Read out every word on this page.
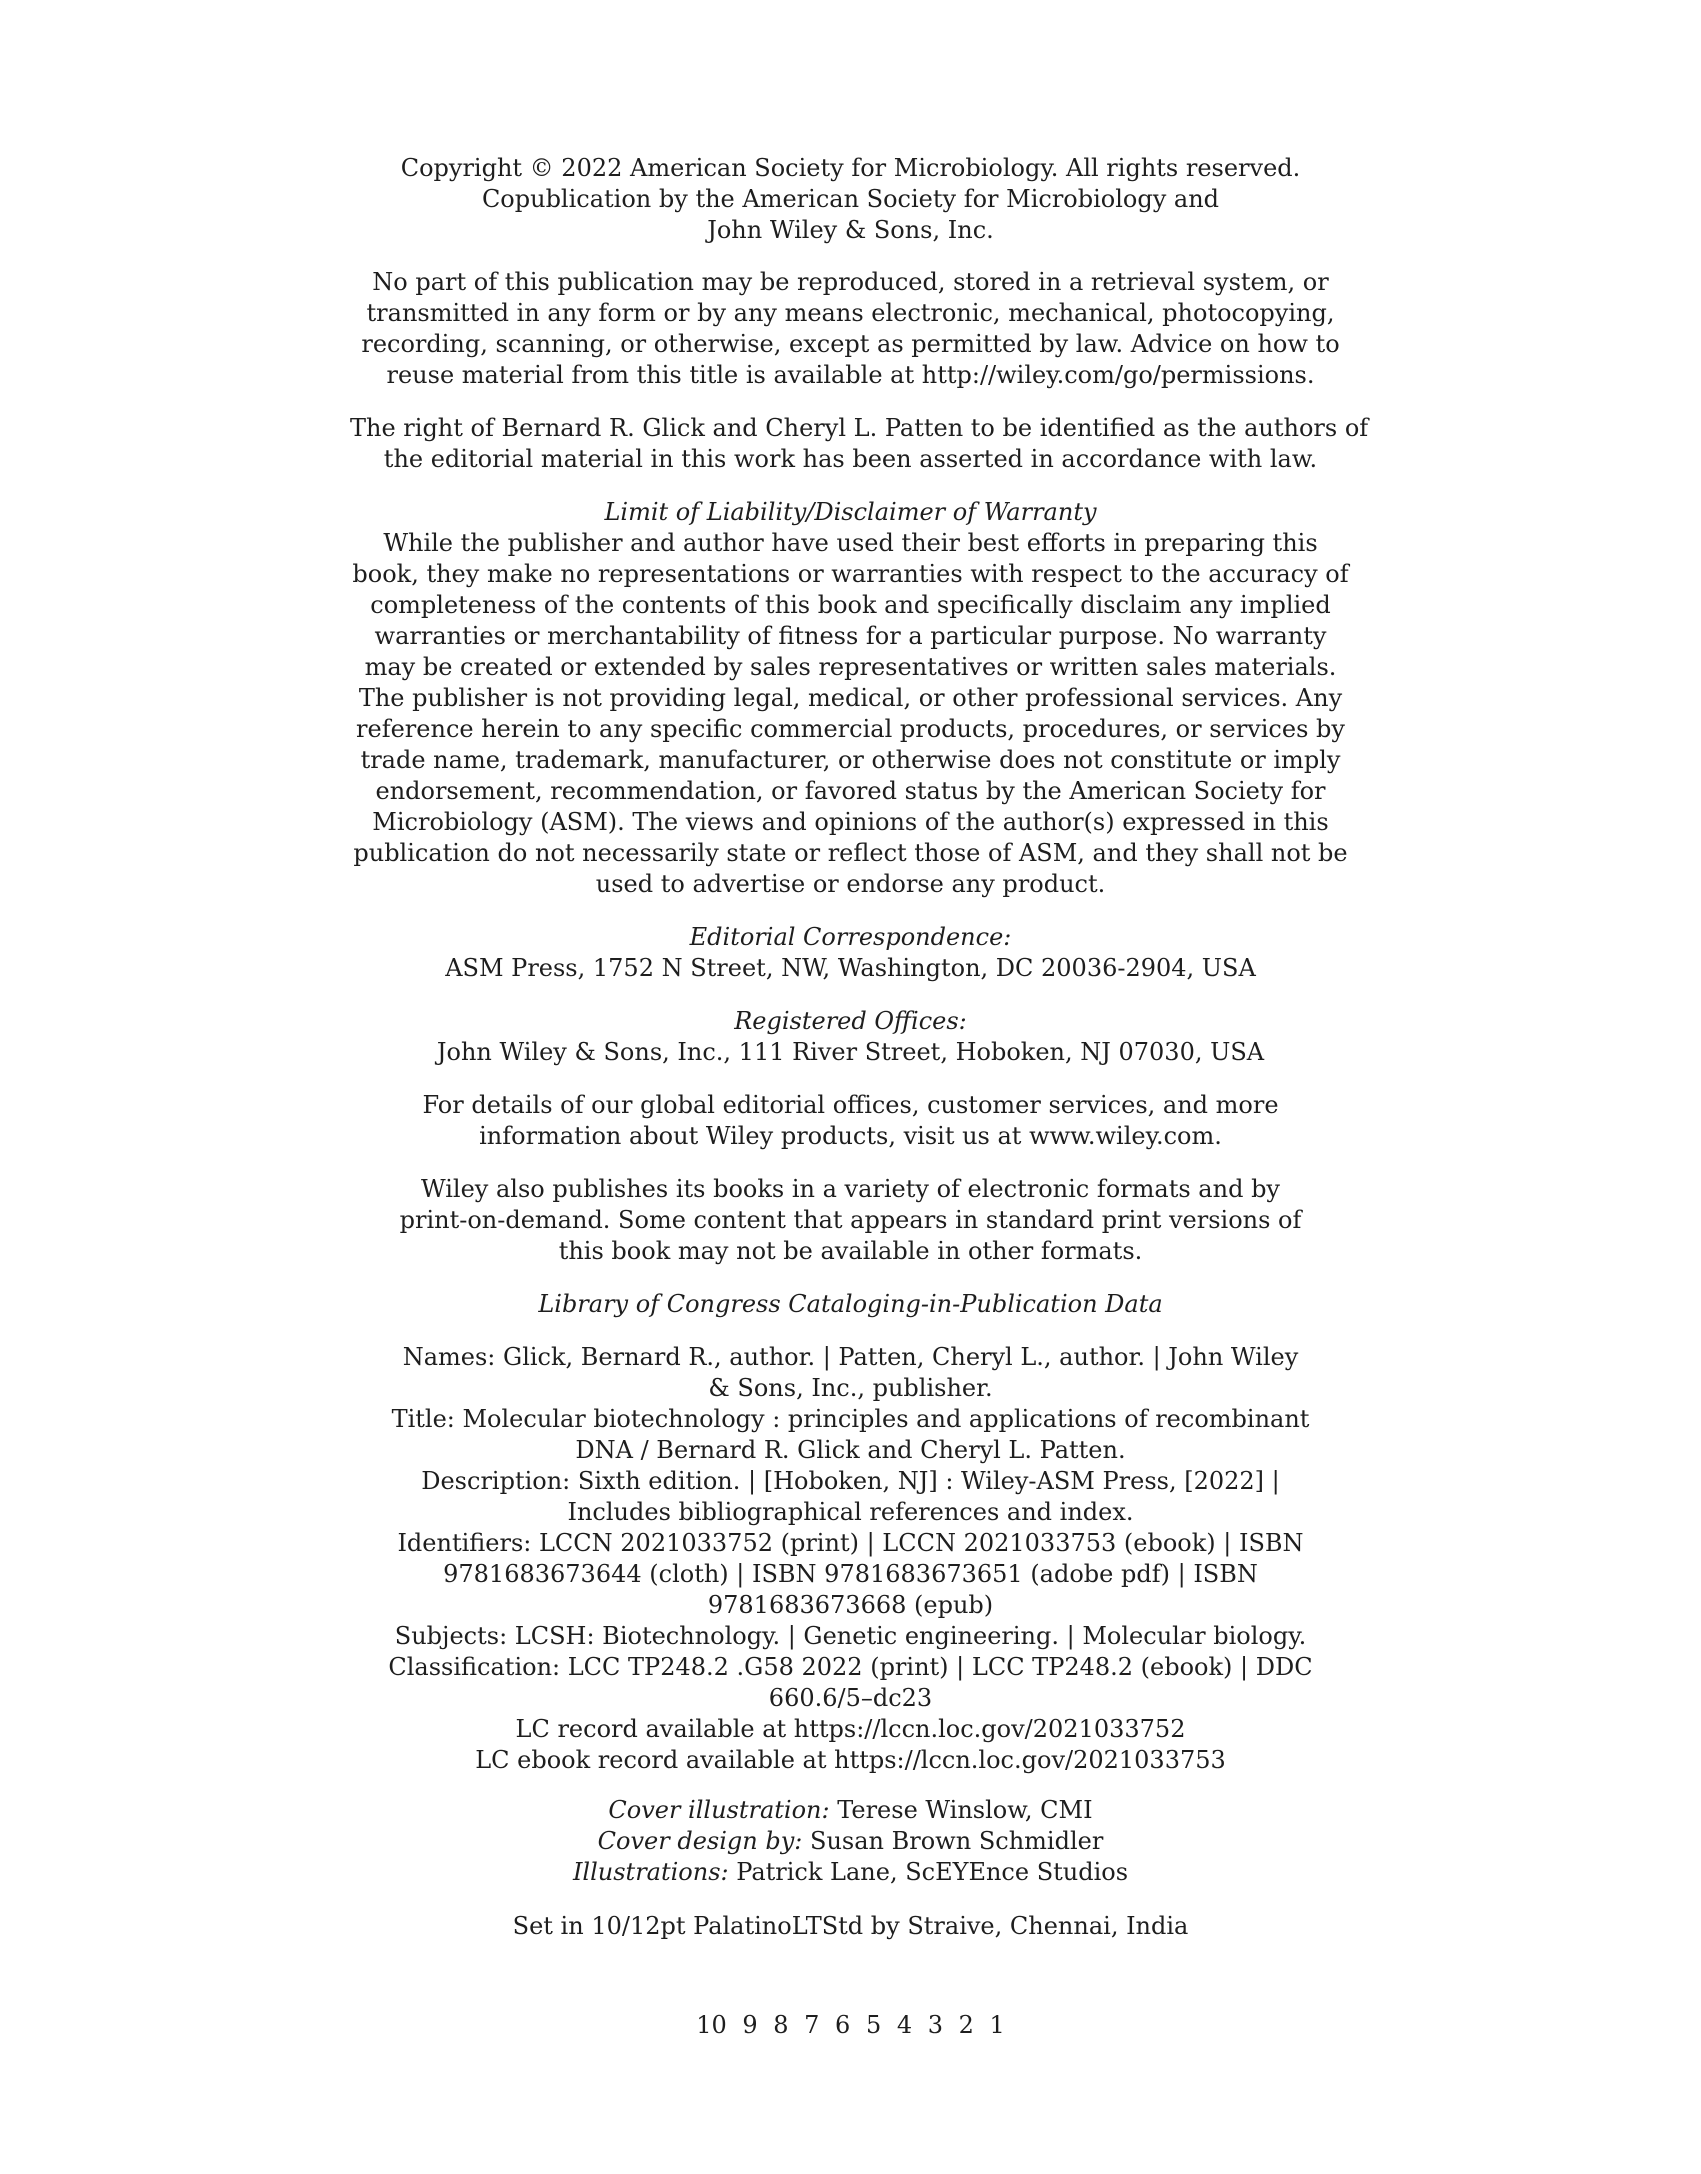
Copyright © 2022 American Society for Microbiology. All rights reserved.

Copublication by the American Society for Microbiology and

John Wiley & Sons, Inc.

No part of this publication may be reproduced, stored in a retrieval system, or

transmitted in any form or by any means electronic, mechanical, photocopying,

recording, scanning, or otherwise, except as permitted by law. Advice on how to

reuse material from this title is available at http://wiley.com/go/permissions.

The right of Bernard R. Glick and Cheryl L. Patten to be identified as the authors of

the editorial material in this work has been asserted in accordance with law.

Limit of Liability/Disclaimer of Warranty

While the publisher and author have used their best efforts in preparing this

book, they make no representations or warranties with respect to the accuracy of

completeness of the contents of this book and specifically disclaim any implied

warranties or merchantability of fitness for a particular purpose. No warranty

may be created or extended by sales representatives or written sales materials.

The publisher is not providing legal, medical, or other professional services. Any

reference herein to any specific commercial products, procedures, or services by

trade name, trademark, manufacturer, or otherwise does not constitute or imply

endorsement, recommendation, or favored status by the American Society for

Microbiology (ASM). The views and opinions of the author(s) expressed in this

publication do not necessarily state or reflect those of ASM, and they shall not be

used to advertise or endorse any product.

Editorial Correspondence:

ASM Press, 1752 N Street, NW, Washington, DC 20036-2904, USA

Registered Offices:

John Wiley & Sons, Inc., 111 River Street, Hoboken, NJ 07030, USA

For details of our global editorial offices, customer services, and more

information about Wiley products, visit us at www.wiley.com.

Wiley also publishes its books in a variety of electronic formats and by

print-on-demand. Some content that appears in standard print versions of

this book may not be available in other formats.

Library of Congress Cataloging-in-Publication Data

Names: Glick, Bernard R., author. | Patten, Cheryl L., author. | John Wiley

& Sons, Inc., publisher.

Title: Molecular biotechnology : principles and applications of recombinant

DNA / Bernard R. Glick and Cheryl L. Patten.

Description: Sixth edition. | [Hoboken, NJ] : Wiley-ASM Press, [2022] |

Includes bibliographical references and index.

Identifiers: LCCN 2021033752 (print) | LCCN 2021033753 (ebook) | ISBN

9781683673644 (cloth) | ISBN 9781683673651 (adobe pdf) | ISBN

9781683673668 (epub)

Subjects: LCSH: Biotechnology. | Genetic engineering. | Molecular biology.

Classification: LCC TP248.2 .G58 2022 (print) | LCC TP248.2 (ebook) | DDC

660.6/5–dc23

LC record available at https://lccn.loc.gov/2021033752

LC ebook record available at https://lccn.loc.gov/2021033753

Cover illustration: Terese Winslow, CMI

Cover design by: Susan Brown Schmidler

Illustrations: Patrick Lane, ScEYEnce Studios

Set in 10/12pt PalatinoLTStd by Straive, Chennai, India

10 9 8 7 6 5 4 3 2 1
